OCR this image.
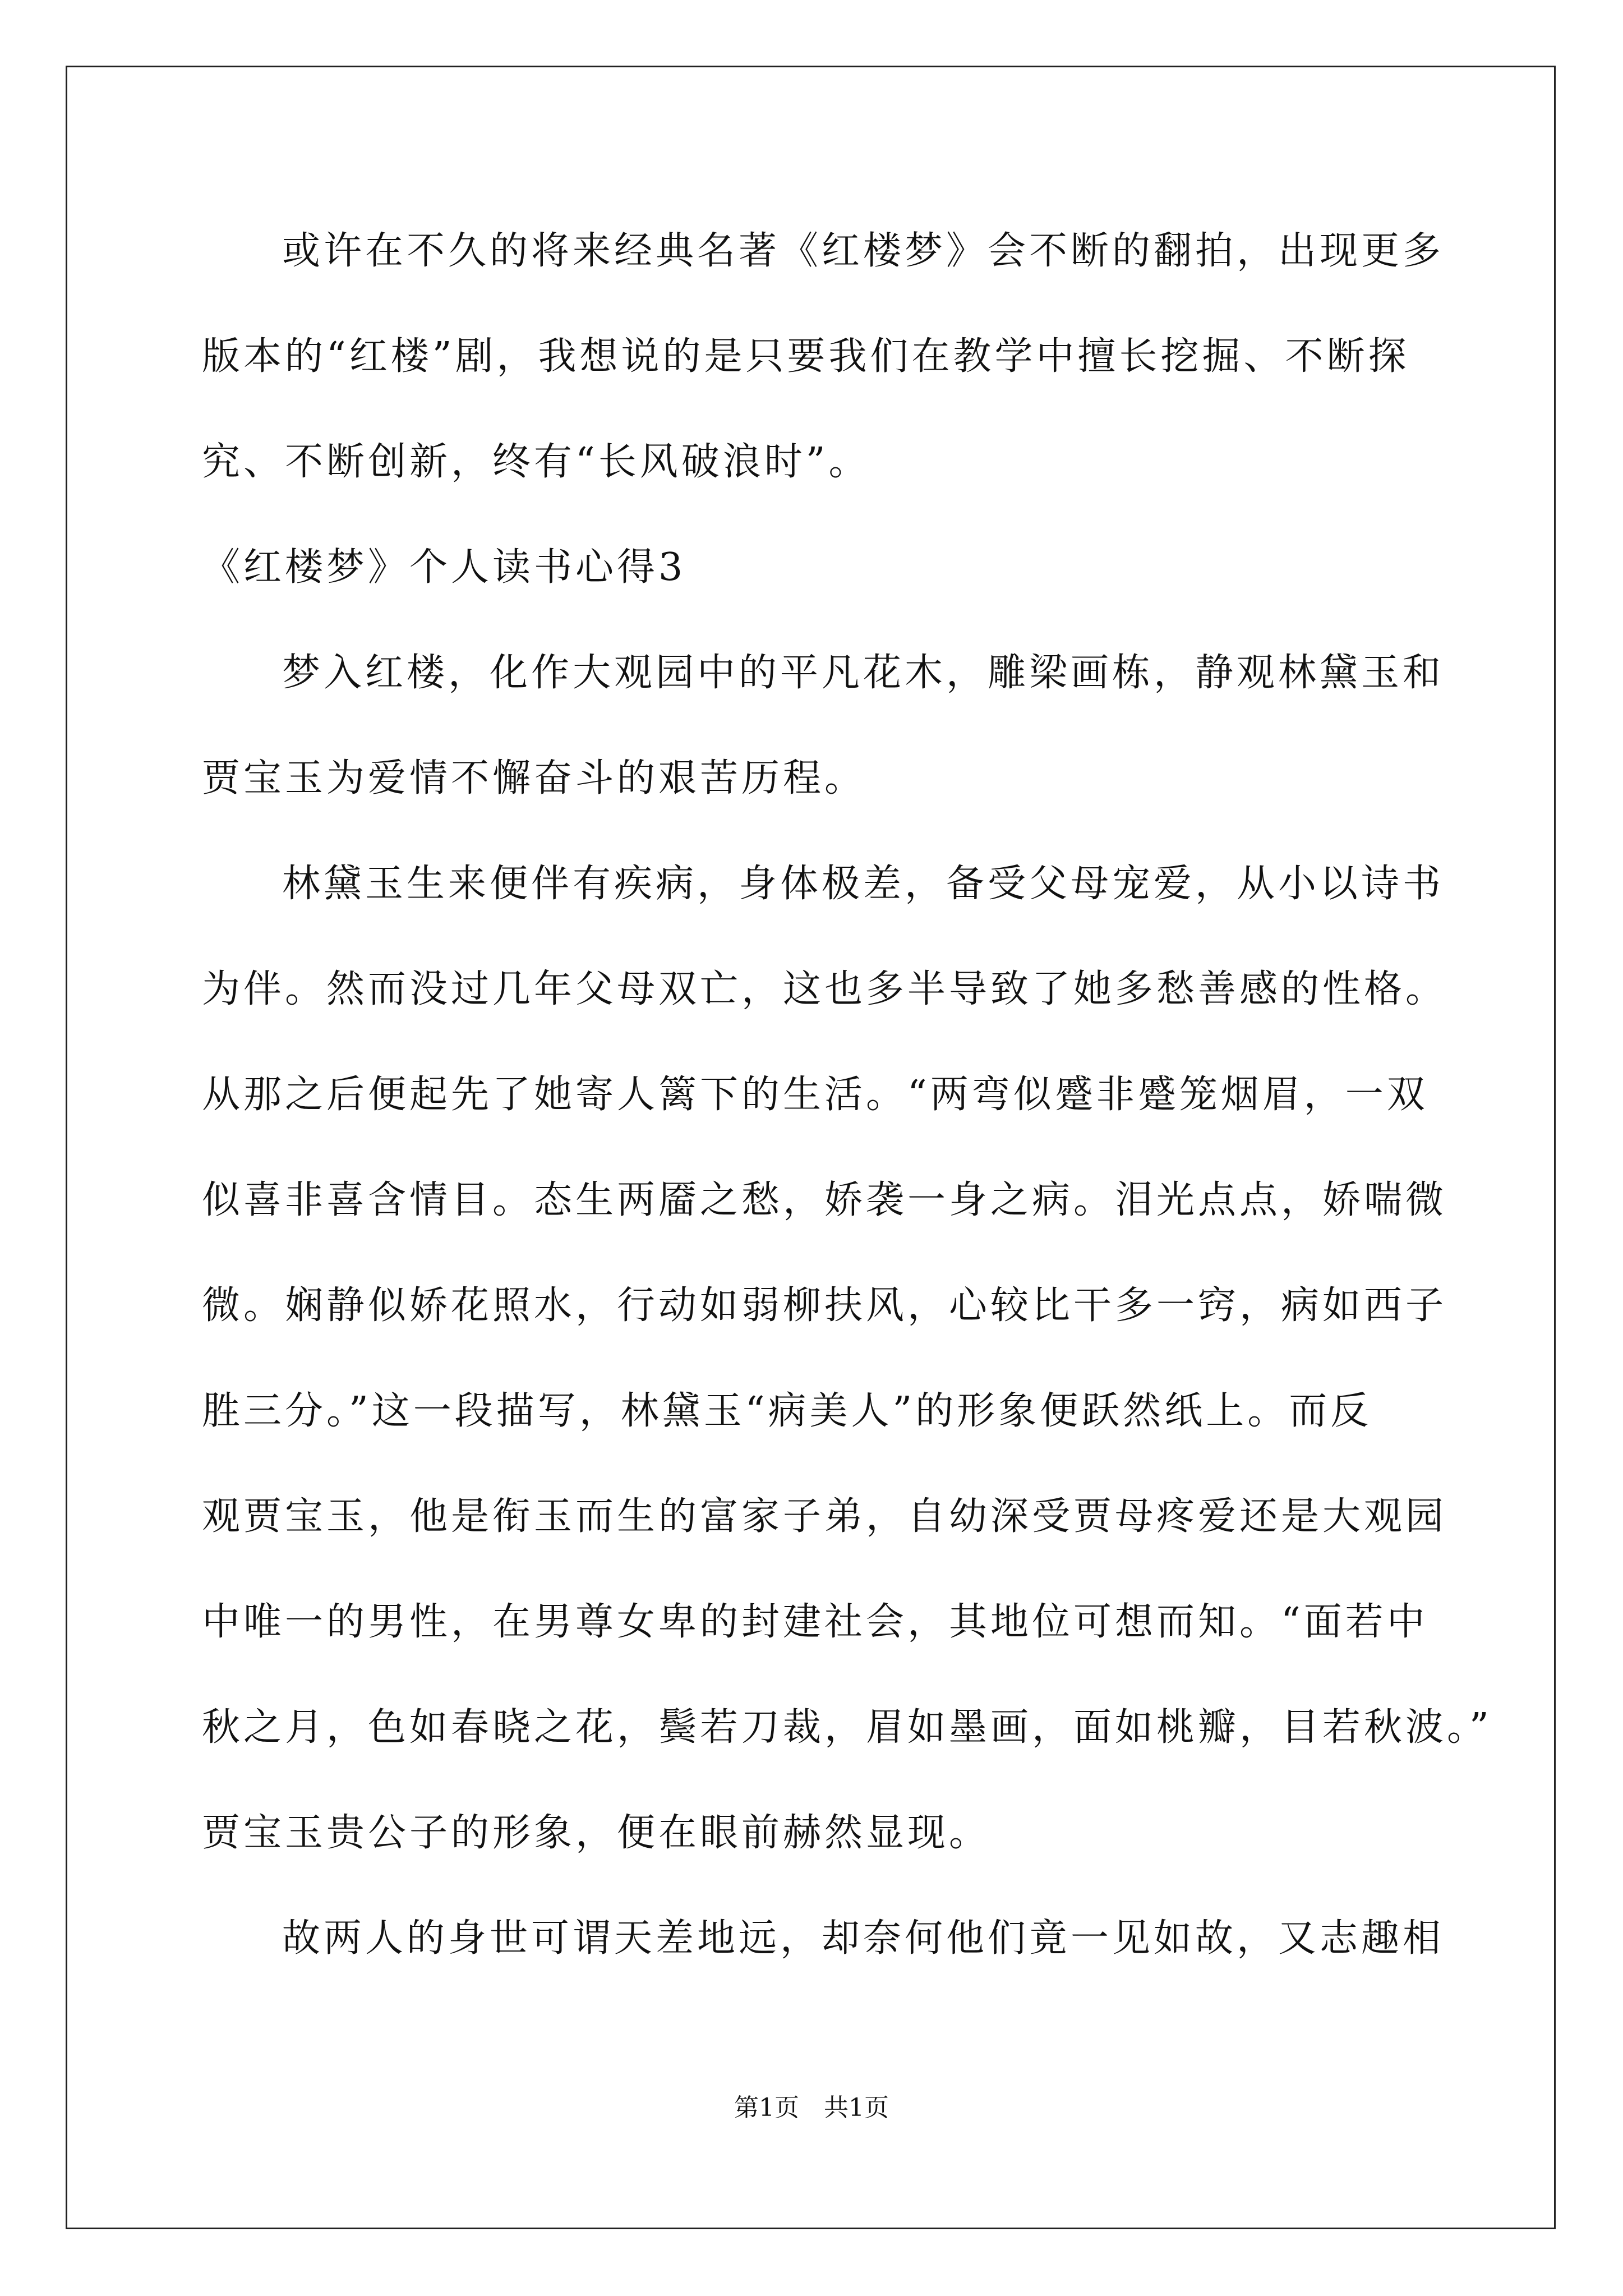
或许在不久的将来经典名著《红楼梦》会不断的翻拍，出现更多
版本的“红楼”剧，我想说的是只要我们在教学中擅长挖掘、不断探
究、不断创新，终有“长风破浪时”。
《红楼梦》个人读书心得3
梦入红楼，化作大观园中的平凡花木，雕梁画栋，静观林黛玉和
贾宝玉为爱情不懈奋斗的艰苦历程。
林黛玉生来便伴有疾病，身体极差，备受父母宠爱，从小以诗书
为伴。然而没过几年父母双亡，这也多半导致了她多愁善感的性格。
从那之后便起先了她寄人篱下的生活。“两弯似蹙非蹙笼烟眉，一双
似喜非喜含情目。态生两靥之愁，娇袭一身之病。泪光点点，娇喘微
微。娴静似娇花照水，行动如弱柳扶风，心较比干多一窍，病如西子
胜三分。”这一段描写，林黛玉“病美人”的形象便跃然纸上。而反
观贾宝玉，他是衔玉而生的富家子弟，自幼深受贾母疼爱还是大观园
中唯一的男性，在男尊女卑的封建社会，其地位可想而知。“面若中
秋之月，色如春晓之花，鬓若刀裁，眉如墨画，面如桃瓣，目若秋波。”
贾宝玉贵公子的形象，便在眼前赫然显现。
故两人的身世可谓天差地远，却奈何他们竟一见如故，又志趣相
第1页　共1页
